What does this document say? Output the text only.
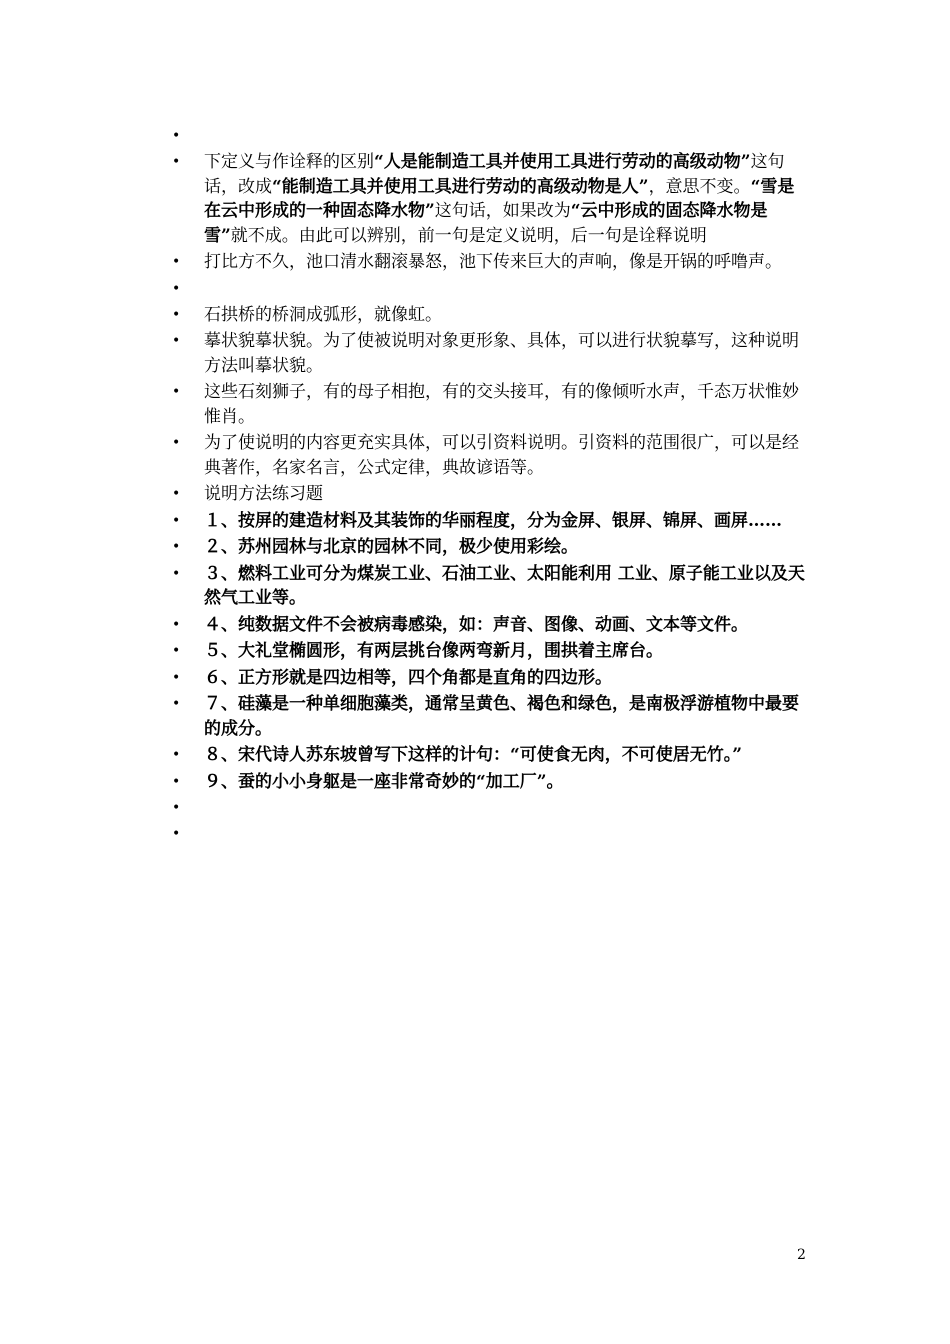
•
•	下定义与作诠释的区别“人是能制造工具并使用工具进行劳动的高级动物”这句话，改成“能制造工具并使用工具进行劳动的高级动物是人”，意思不变。“雪是在云中形成的一种固态降水物”这句话，如果改为“云中形成的固态降水物是雪”就不成。由此可以辨别，前一句是定义说明，后一句是诠释说明
•	打比方不久，池口清水翻滚暴怒，池下传来巨大的声响，像是开锅的呼噜声。
•
•	石拱桥的桥洞成弧形，就像虹。
•	摹状貌摹状貌。为了使被说明对象更形象、具体，可以进行状貌摹写，这种说明方法叫摹状貌。
•	这些石刻狮子，有的母子相抱，有的交头接耳，有的像倾听水声，千态万状惟妙惟肖。
•	为了使说明的内容更充实具体，可以引资料说明。引资料的范围很广，可以是经典著作，名家名言，公式定律，典故谚语等。
•	说明方法练习题
•	１、按屏的建造材料及其装饰的华丽程度，分为金屏、银屏、锦屏、画屏……
•	２、苏州园林与北京的园林不同，极少使用彩绘。
•	３、燃料工业可分为煤炭工业、石油工业、太阳能利用 工业、原子能工业以及天然气工业等。
•	４、纯数据文件不会被病毒感染，如：声音、图像、动画、文本等文件。
•	５、大礼堂椭圆形，有两层挑台像两弯新月，围拱着主席台。
•	６、正方形就是四边相等，四个角都是直角的四边形。
•	７、硅藻是一种单细胞藻类，通常呈黄色、褐色和绿色，是南极浮游植物中最要的成分。
•	８、宋代诗人苏东坡曾写下这样的计句：“可使食无肉，不可使居无竹。”
•	９、蚕的小小身躯是一座非常奇妙的“加工厂”。
•
•
2
